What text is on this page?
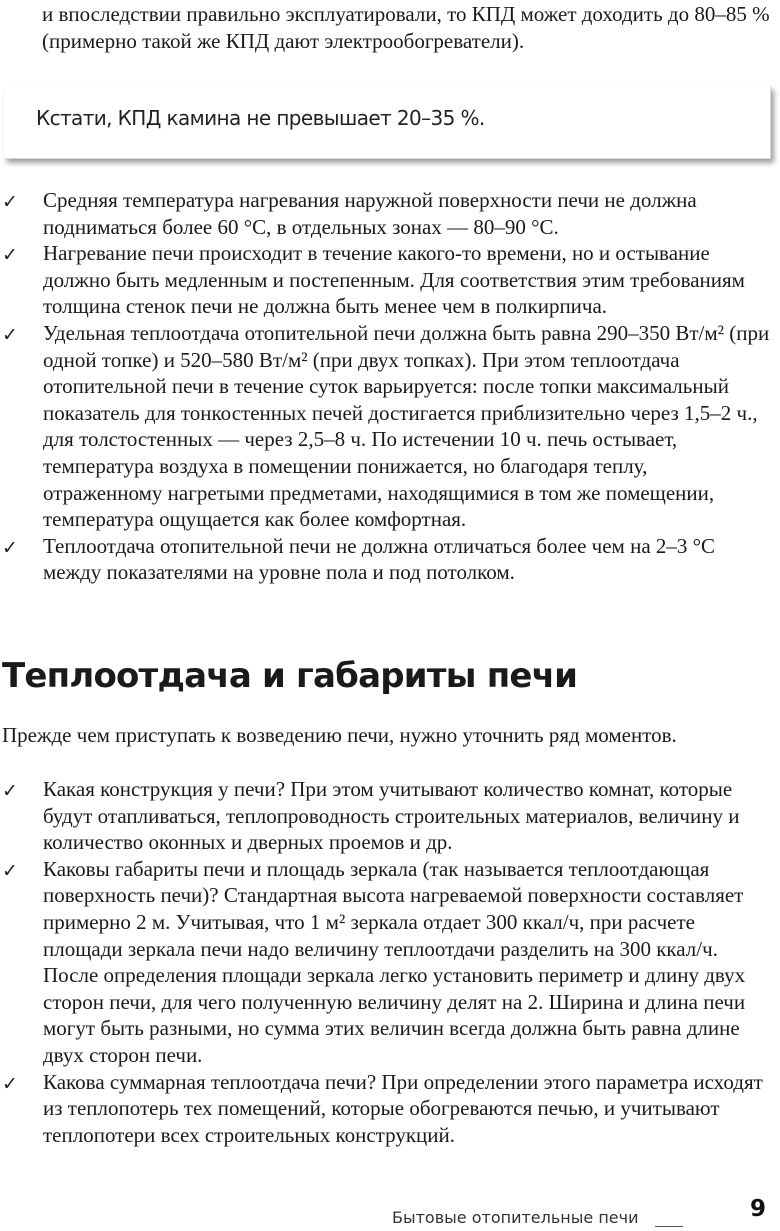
и впоследствии правильно эксплуатировали, то КПД может доходить до 80–85 % (примерно такой же КПД дают электрообогреватели).
Кстати, КПД камина не превышает 20–35 %.
✓ Средняя температура нагревания наружной поверхности печи не должна подниматься более 60 °С, в отдельных зонах — 80–90 °С.
✓ Нагревание печи происходит в течение какого-то времени, но и остывание должно быть медленным и постепенным. Для соответствия этим требованиям толщина стенок печи не должна быть менее чем в полкирпича.
✓ Удельная теплоотдача отопительной печи должна быть равна 290–350 Вт/м² (при одной топке) и 520–580 Вт/м² (при двух топках). При этом теплоотдача отопительной печи в течение суток варьируется: после топки максимальный показатель для тонкостенных печей достигается приблизительно через 1,5–2 ч., для толстостенных — через 2,5–8 ч. По истечении 10 ч. печь остывает, температура воздуха в помещении понижается, но благодаря теплу, отраженному нагретыми предметами, находящимися в том же помещении, температура ощущается как более комфортная.
✓ Теплоотдача отопительной печи не должна отличаться более чем на 2–3 °С между показателями на уровне пола и под потолком.
Теплоотдача и габариты печи
Прежде чем приступать к возведению печи, нужно уточнить ряд моментов.
✓ Какая конструкция у печи? При этом учитывают количество комнат, которые будут отапливаться, теплопроводность строительных материалов, величину и количество оконных и дверных проемов и др.
✓ Каковы габариты печи и площадь зеркала (так называется теплоотдающая поверхность печи)? Стандартная высота нагреваемой поверхности составляет примерно 2 м. Учитывая, что 1 м² зеркала отдает 300 ккал/ч, при расчете площади зеркала печи надо величину теплоотдачи разделить на 300 ккал/ч. После определения площади зеркала легко установить периметр и длину двух сторон печи, для чего полученную величину делят на 2. Ширина и длина печи могут быть разными, но сумма этих величин всегда должна быть равна длине двух сторон печи.
✓ Какова суммарная теплоотдача печи? При определении этого параметра исходят из теплопотерь тех помещений, которые обогреваются печью, и учитывают теплопотери всех строительных конструкций.
Бытовые отопительные печи	9
